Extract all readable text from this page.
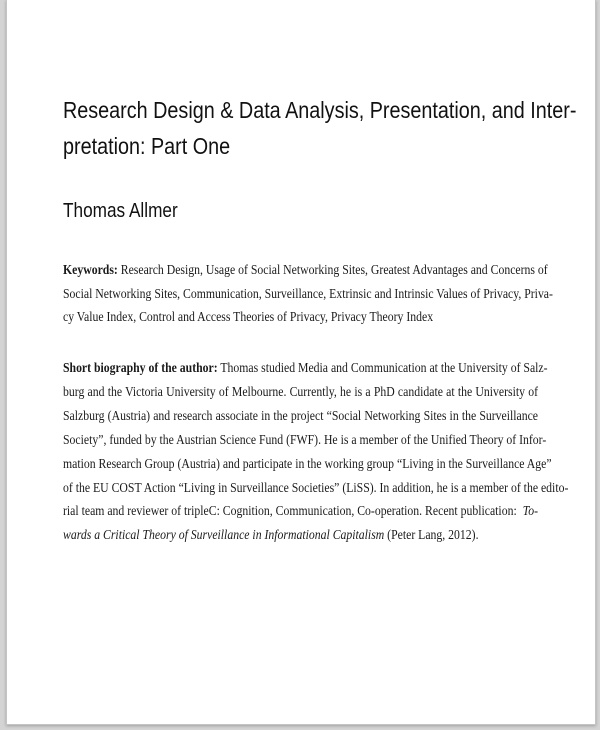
Research Design & Data Analysis, Presentation, and Inter-
pretation: Part One
Thomas Allmer
Keywords: Research Design, Usage of Social Networking Sites, Greatest Advantages and Concerns of
Social Networking Sites, Communication, Surveillance, Extrinsic and Intrinsic Values of Privacy, Priva-
cy Value Index, Control and Access Theories of Privacy, Privacy Theory Index
Short biography of the author: Thomas studied Media and Communication at the University of Salz-
burg and the Victoria University of Melbourne. Currently, he is a PhD candidate at the University of
Salzburg (Austria) and research associate in the project “Social Networking Sites in the Surveillance
Society”, funded by the Austrian Science Fund (FWF). He is a member of the Unified Theory of Infor-
mation Research Group (Austria) and participate in the working group “Living in the Surveillance Age”
of the EU COST Action “Living in Surveillance Societies” (LiSS). In addition, he is a member of the edito-
rial team and reviewer of tripleC: Cognition, Communication, Co-operation. Recent publication: To-
wards a Critical Theory of Surveillance in Informational Capitalism (Peter Lang, 2012).
